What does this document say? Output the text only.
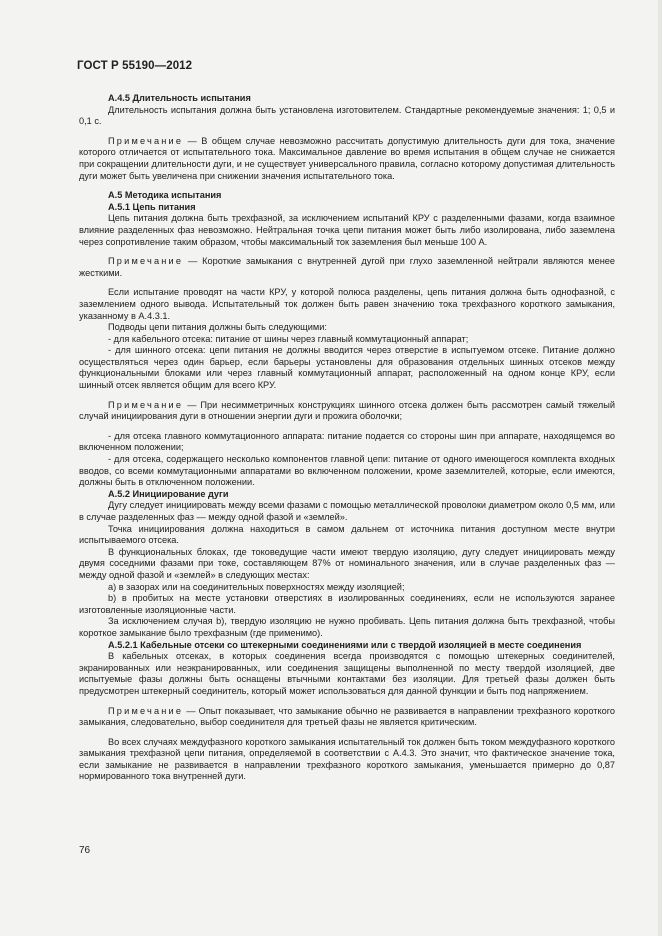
ГОСТ Р 55190—2012

А.4.5 Длительность испытания

Длительность испытания должна быть установлена изготовителем. Стандартные рекомендуемые значения: 1; 0,5 и 0,1 с.

Примечание — В общем случае невозможно рассчитать допустимую длительность дуги для тока, значение которого отличается от испытательного тока. Максимальное давление во время испытания в общем случае не снижается при сокращении длительности дуги, и не существует универсального правила, согласно которому допустимая длительность дуги может быть увеличена при снижении значения испытательного тока.

А.5 Методика испытания

А.5.1 Цепь питания

Цепь питания должна быть трехфазной, за исключением испытаний КРУ с разделенными фазами, когда взаимное влияние разделенных фаз невозможно. Нейтральная точка цепи питания может быть либо изолирована, либо заземлена через сопротивление таким образом, чтобы максимальный ток заземления был меньше 100 А.

Примечание — Короткие замыкания с внутренней дугой при глухо заземленной нейтрали являются менее жесткими.

Если испытание проводят на части КРУ, у которой полюса разделены, цепь питания должна быть однофазной, с заземлением одного вывода. Испытательный ток должен быть равен значению тока трехфазного короткого замыкания, указанному в А.4.3.1.

Подводы цепи питания должны быть следующими:

- для кабельного отсека: питание от шины через главный коммутационный аппарат;

- для шинного отсека: цепи питания не должны вводится через отверстие в испытуемом отсеке. Питание должно осуществляться через один барьер, если барьеры установлены для образования отдельных шинных отсеков между функциональными блоками или через главный коммутационный аппарат, расположенный на одном конце КРУ, если шинный отсек является общим для всего КРУ.

Примечание — При несимметричных конструкциях шинного отсека должен быть рассмотрен самый тяжелый случай инициирования дуги в отношении энергии дуги и прожига оболочки;

- для отсека главного коммутационного аппарата: питание подается со стороны шин при аппарате, находящемся во включенном положении;

- для отсека, содержащего несколько компонентов главной цепи: питание от одного имеющегося комплекта входных вводов, со всеми коммутационными аппаратами во включенном положении, кроме заземлителей, которые, если имеются, должны быть в отключенном положении.

А.5.2 Инициирование дуги

Дугу следует инициировать между всеми фазами с помощью металлической проволоки диаметром около 0,5 мм, или в случае разделенных фаз — между одной фазой и «землей».

Точка инициирования должна находиться в самом дальнем от источника питания доступном месте внутри испытываемого отсека.

В функциональных блоках, где токоведущие части имеют твердую изоляцию, дугу следует инициировать между двумя соседними фазами при токе, составляющем 87% от номинального значения, или в случае разделенных фаз — между одной фазой и «землей» в следующих местах:

а) в зазорах или на соединительных поверхностях между изоляцией;

b) в пробитых на месте установки отверстиях в изолированных соединениях, если не используются заранее изготовленные изоляционные части.

За исключением случая b), твердую изоляцию не нужно пробивать. Цепь питания должна быть трехфазной, чтобы короткое замыкание было трехфазным (где применимо).

А.5.2.1 Кабельные отсеки со штекерными соединениями или с твердой изоляцией в месте соединения

В кабельных отсеках, в которых соединения всегда производятся с помощью штекерных соединителей, экранированных или неэкранированных, или соединения защищены выполненной по месту твердой изоляцией, две испытуемые фазы должны быть оснащены втычными контактами без изоляции. Для третьей фазы должен быть предусмотрен штекерный соединитель, который может использоваться для данной функции и быть под напряжением.

Примечание — Опыт показывает, что замыкание обычно не развивается в направлении трехфазного короткого замыкания, следовательно, выбор соединителя для третьей фазы не является критическим.

Во всех случаях междуфазного короткого замыкания испытательный ток должен быть током междуфазного короткого замыкания трехфазной цепи питания, определяемой в соответствии с А.4.3. Это значит, что фактическое значение тока, если замыкание не развивается в направлении трехфазного короткого замыкания, уменьшается примерно до 0,87 нормированного тока внутренней дуги.

76
